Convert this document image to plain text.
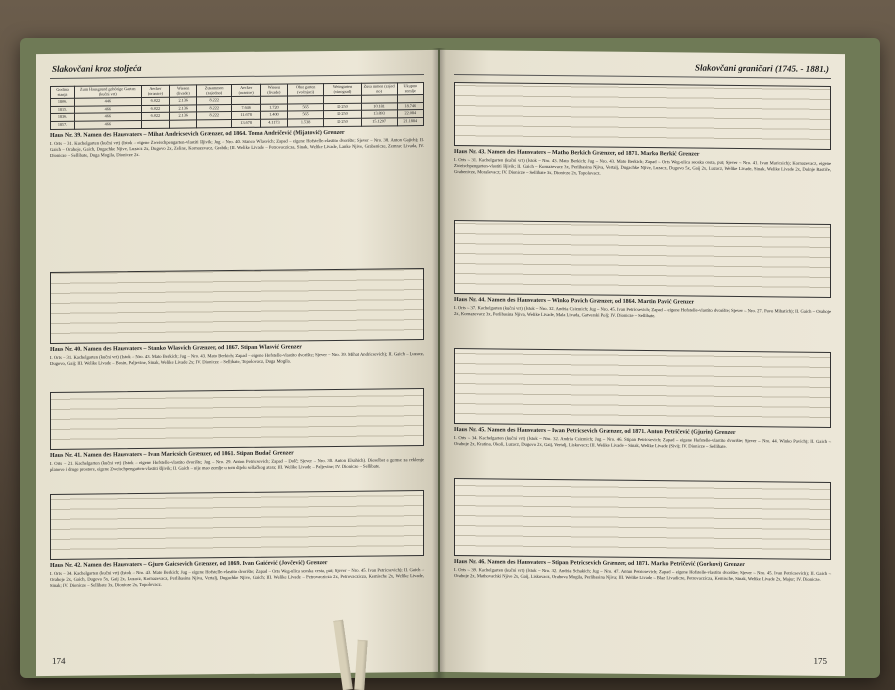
Slakovčani kroz stoljeća
Godina stanja	Zum Hausgrund gehörige Garten (kučni vrt)	Aecker (oranice)	Wiesen (livade)	Zusammen (zajedno)	Aecker (oranice)	Wiesen (livade)	Obst garten (voćnjaci)	Weingarten (vinograd)	Zusa mmen (zajed no)	Ukupno zemlje
1806.	446	6.022	2.136	8.222						
1815.	466	6.022	2.136	8.222	7.646	1.720	565	D 250	10.181	18.746
1836.	466	6.022	2.136	8.222	11.678	1.400	565	D 250	13.893	22.084
1857.	466				13.678	4.1173	1.538	D 250	15.1297	21.1884
Haus Nr. 39. Namen des Hausvaters – Mihat Andricsevich Grænzer, od 1864. Toma Andričević (Mijatović) Grenzer
I. Orts – 31. Kuchelgarten (kučni vrt) (Istok – eigene Zweischpengarten-vlastiti šljivik; Jug – Nro. 40. Stanco Wlasvich; Zapad – eigene Hofstelle-vlastito dvorište; Sjever – Nro. 38. Anton Gajich); II. Gaich – Orahoje, Gaich, Dugachke Njive, Luzacz 2x, Dugovo 2x, Zeline, Kornazevacz, Grabik; III. Welike Livade – Petrovaczicza, Sinak, Welike Livade, Lanke Njive, Grabenicze, Zemrac Livada, IV. Dionicze – Sellibate, Duga Mogila, Dionicze 2x.
Haus Nr. 40. Namen des Hausvaters – Stanko Wlasvich Grænzer, od 1867. Stipan Wlasvić Grenzer
I. Orts – 31. Kachelgarten (kučni vrt) (Istok – Nro. 43. Mato Berkich; Jug – Nro. 43. Mato Berkich; Zapad – eigene Hofstelle-vlastito dvorište; Sjever – Nro. 39. Mihat Andricsevich); II. Gaich – Luzacz, Dugovo, Gaij; III. Welike Livade – Bosin, Paljevine, Sinak, Welike Livade 2x; IV. Dionicze – Sellibate, Topolovacz, Duga Mogila.
Haus Nr. 41. Namen des Hausvaters – Ivan Maricsich Grænzer, od 1861. Stipan Budač Grenzer
I. Orts – 21. Kachelgarten (kučni vrt) (Istok – eigene Hofstelle-vlastito dvorište; Jug – Nro. 29. Anton Petricsevich; Zapad – Dolč; Sjever – Nro. 30. Anton Elsahich). Dieselbst a gemse za reklenje planove i druge prostore, eigene Zweischpengarten-vlastiti šljivik; II. Gaich – nije mao zemlje u tom dijelu sellačkog atara; III. Welike Livade – Paljevine; IV. Dionicze – Sellibate.
Haus Nr. 42. Namen des Hausvaters – Gjuro Gaicsevich Grænzer, od 1869. Ivan Gaićević (Jovčević) Grenzer
I. Orts – 34. Kachelgarten (kučni vrt) (Istok – Nro. 43. Mato Berkich; Jug – eigene Hofstelle-vlastito dvorište; Zapad – Orts Weg-ulica seoska cesta, put; Sjever – Nro. 45. Ivan Petricsevich); II. Gaich – Orahoje 2x, Gaich, Dugovo 5x, Gaij 2x, Luzacz, Kornazevacz, Perlibasina Njiva, Vertalj, Dugachke Njive, Gaich; III. Welike Livade – Petrovaczicza 2x, Petrovaczicza, Kemische 2x, Welike Livade, Sinak; IV. Dionicze – Sellibate 3x, Dionicze 2x, Topolovacz.
174
Slakovčani graničari (1745. - 1881.)
Haus Nr. 43. Namen des Hausvaters – Matho Berkich Grænzer, od 1871. Marko Berkić Grenzer
I. Orts – 31. Kachelgarten (kučni vrt) (Istok – Nro. 43. Mato Berkich; Jug – Nro. 43. Mato Berkich; Zapad – Orts Weg-ulica seoska cesta, put; Sjever – Nro. 41. Ivan Maricsich); Kornazevacz, eigene Zweischpengarten-vlastiti šljivik; II. Gaich – Kornazevacz 3x, Perlibasina Njiva, Vertalj, Dugachke Njive, Luzacz, Dugovo 5x, Gaij 2x, Luzacz, Welike Livade, Sinak, Welike Livade 2x, Dolnje Rastiče, Grabenicze, Moraševacz; IV. Dionicze – Sellibate 3x, Dionicze 2x, Topolovacz.
Haus Nr. 44. Namen des Hausvaters – Winko Pavich Grænzer, od 1864. Martin Pavić Grenzer
I. Orts – 37. Kachelgarten (kučni vrt) (Istok – Nro. 32. Andria Csizmich; Jug – Nro. 45. Ivan Petricsevich; Zapad – eigene Hofstelle-vlastito dvorište; Sjever – Nro. 27. Pavo Mihatich); II. Gaich – Orahoje 2x, Kornazevacz 3x, Perlibasina Njiva, Welike Livade, Mala Livada, Gatverski Polj; IV. Dionicze – Sellibate.
Haus Nr. 45. Namen des Hausvaters – Iwan Petricsevich Grænzer, od 1871. Anton Petričević (Gjurin) Grenzer
I. Orts – 34. Kachelgarten (kučni vrt) (Istok – Nro. 32. Andria Csizmich; Jug – Nro. 46. Stipan Petricsevich; Zapad – eigene Hofstelle-vlastito dvorište; Sjever – Nro. 44. Winko Pavich); II. Gaich – Orahoje 2x, Kratina, Okoli, Luzacz, Dugovo 2x, Gaij, Vertalj, Liskovacz; III. Welike Livade – Sinak, Welike Livade (Sivi); IV. Dionicze – Sellibate.
Haus Nr. 46. Namen des Hausvaters – Stipan Petricsevich Grænzer, od 1871. Marko Petričević (Gorkovi) Grenzer
I. Orts – 39. Kachelgarten (kučni vrt) (Istok – Nro. 32. Andria Schakich; Jug – Nro. 47. Antun Petricsevich; Zapad – eigene Hofstelle-vlastito dvorište; Sjever – Nro. 45. Ivan Petricsevich); II. Gaich – Orahoje 2x, Mathovachki Njive 2x, Gaij, Liskovacz, Orahova Mogila, Perlibasina Njiva; III. Welike Livade – Blaz Livadicze, Petrovaczicza, Kemische, Sinak, Welike Livade 2x, Majur; IV. Dionicze.
175
